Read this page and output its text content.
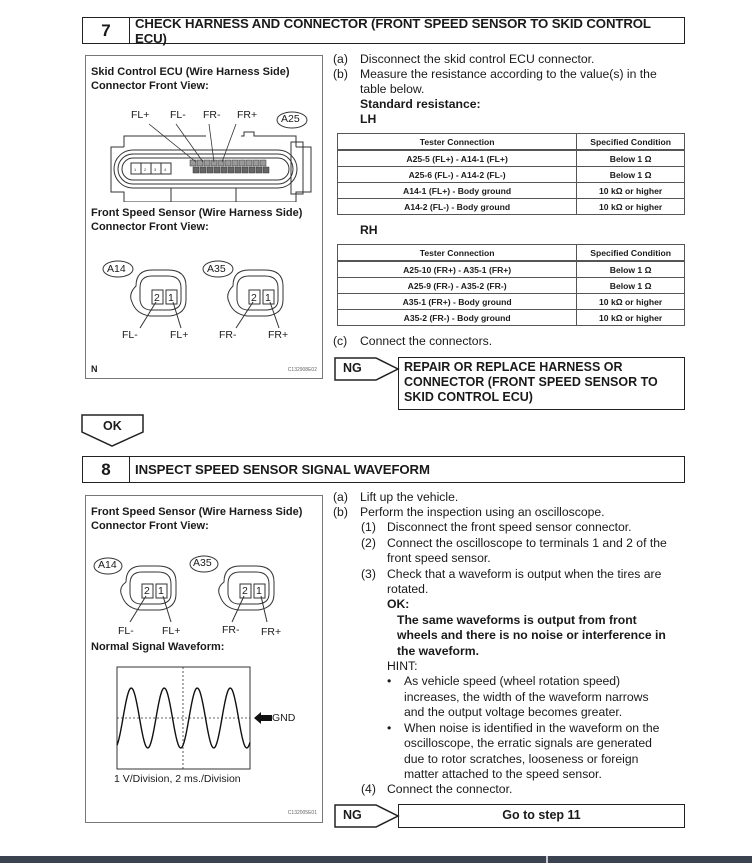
7	CHECK HARNESS AND CONNECTOR (FRONT SPEED SENSOR TO SKID CONTROL ECU)
Skid Control ECU (Wire Harness Side)
Connector Front View:
1 2 3 4
FL+ FL- FR- FR+ A25
Front Speed Sensor (Wire Harness Side)
Connector Front View:
A14	A35
2 1	2 1
FL-	FL+	FR-	FR+
N	C132908E02
(a) Disconnect the skid control ECU connector.
(b) Measure the resistance according to the value(s) in the
table below.
Standard resistance:
LH
Tester Connection	Specified Condition
A25-5 (FL+) - A14-1 (FL+)	Below 1 Ω
A25-6 (FL-) - A14-2 (FL-)	Below 1 Ω
A14-1 (FL+) - Body ground	10 kΩ or higher
A14-2 (FL-) - Body ground	10 kΩ or higher
RH
Tester Connection	Specified Condition
A25-10 (FR+) - A35-1 (FR+)	Below 1 Ω
A25-9 (FR-) - A35-2 (FR-)	Below 1 Ω
A35-1 (FR+) - Body ground	10 kΩ or higher
A35-2 (FR-) - Body ground	10 kΩ or higher
(c) Connect the connectors.
NG	REPAIR OR REPLACE HARNESS OR
CONNECTOR (FRONT SPEED SENSOR TO
SKID CONTROL ECU)
OK
8	INSPECT SPEED SENSOR SIGNAL WAVEFORM
Front Speed Sensor (Wire Harness Side)
Connector Front View:
A14	A35
2 1	2 1
FL-	FL+	FR- FR+
Normal Signal Waveform:
GND
1 V/Division, 2 ms./Division
C132005E01
(a) Lift up the vehicle.
(b) Perform the inspection using an oscilloscope.
(1) Disconnect the front speed sensor connector.
(2) Connect the oscilloscope to terminals 1 and 2 of the
front speed sensor.
(3) Check that a waveform is output when the tires are
rotated.
OK:
The same waveforms is output from front
wheels and there is no noise or interference in
the waveform.
HINT:
• As vehicle speed (wheel rotation speed)
increases, the width of the waveform narrows
and the output voltage becomes greater.
• When noise is identified in the waveform on the
oscilloscope, the erratic signals are generated
due to rotor scratches, looseness or foreign
matter attached to the speed sensor.
(4) Connect the connector.
NG	Go to step 11
